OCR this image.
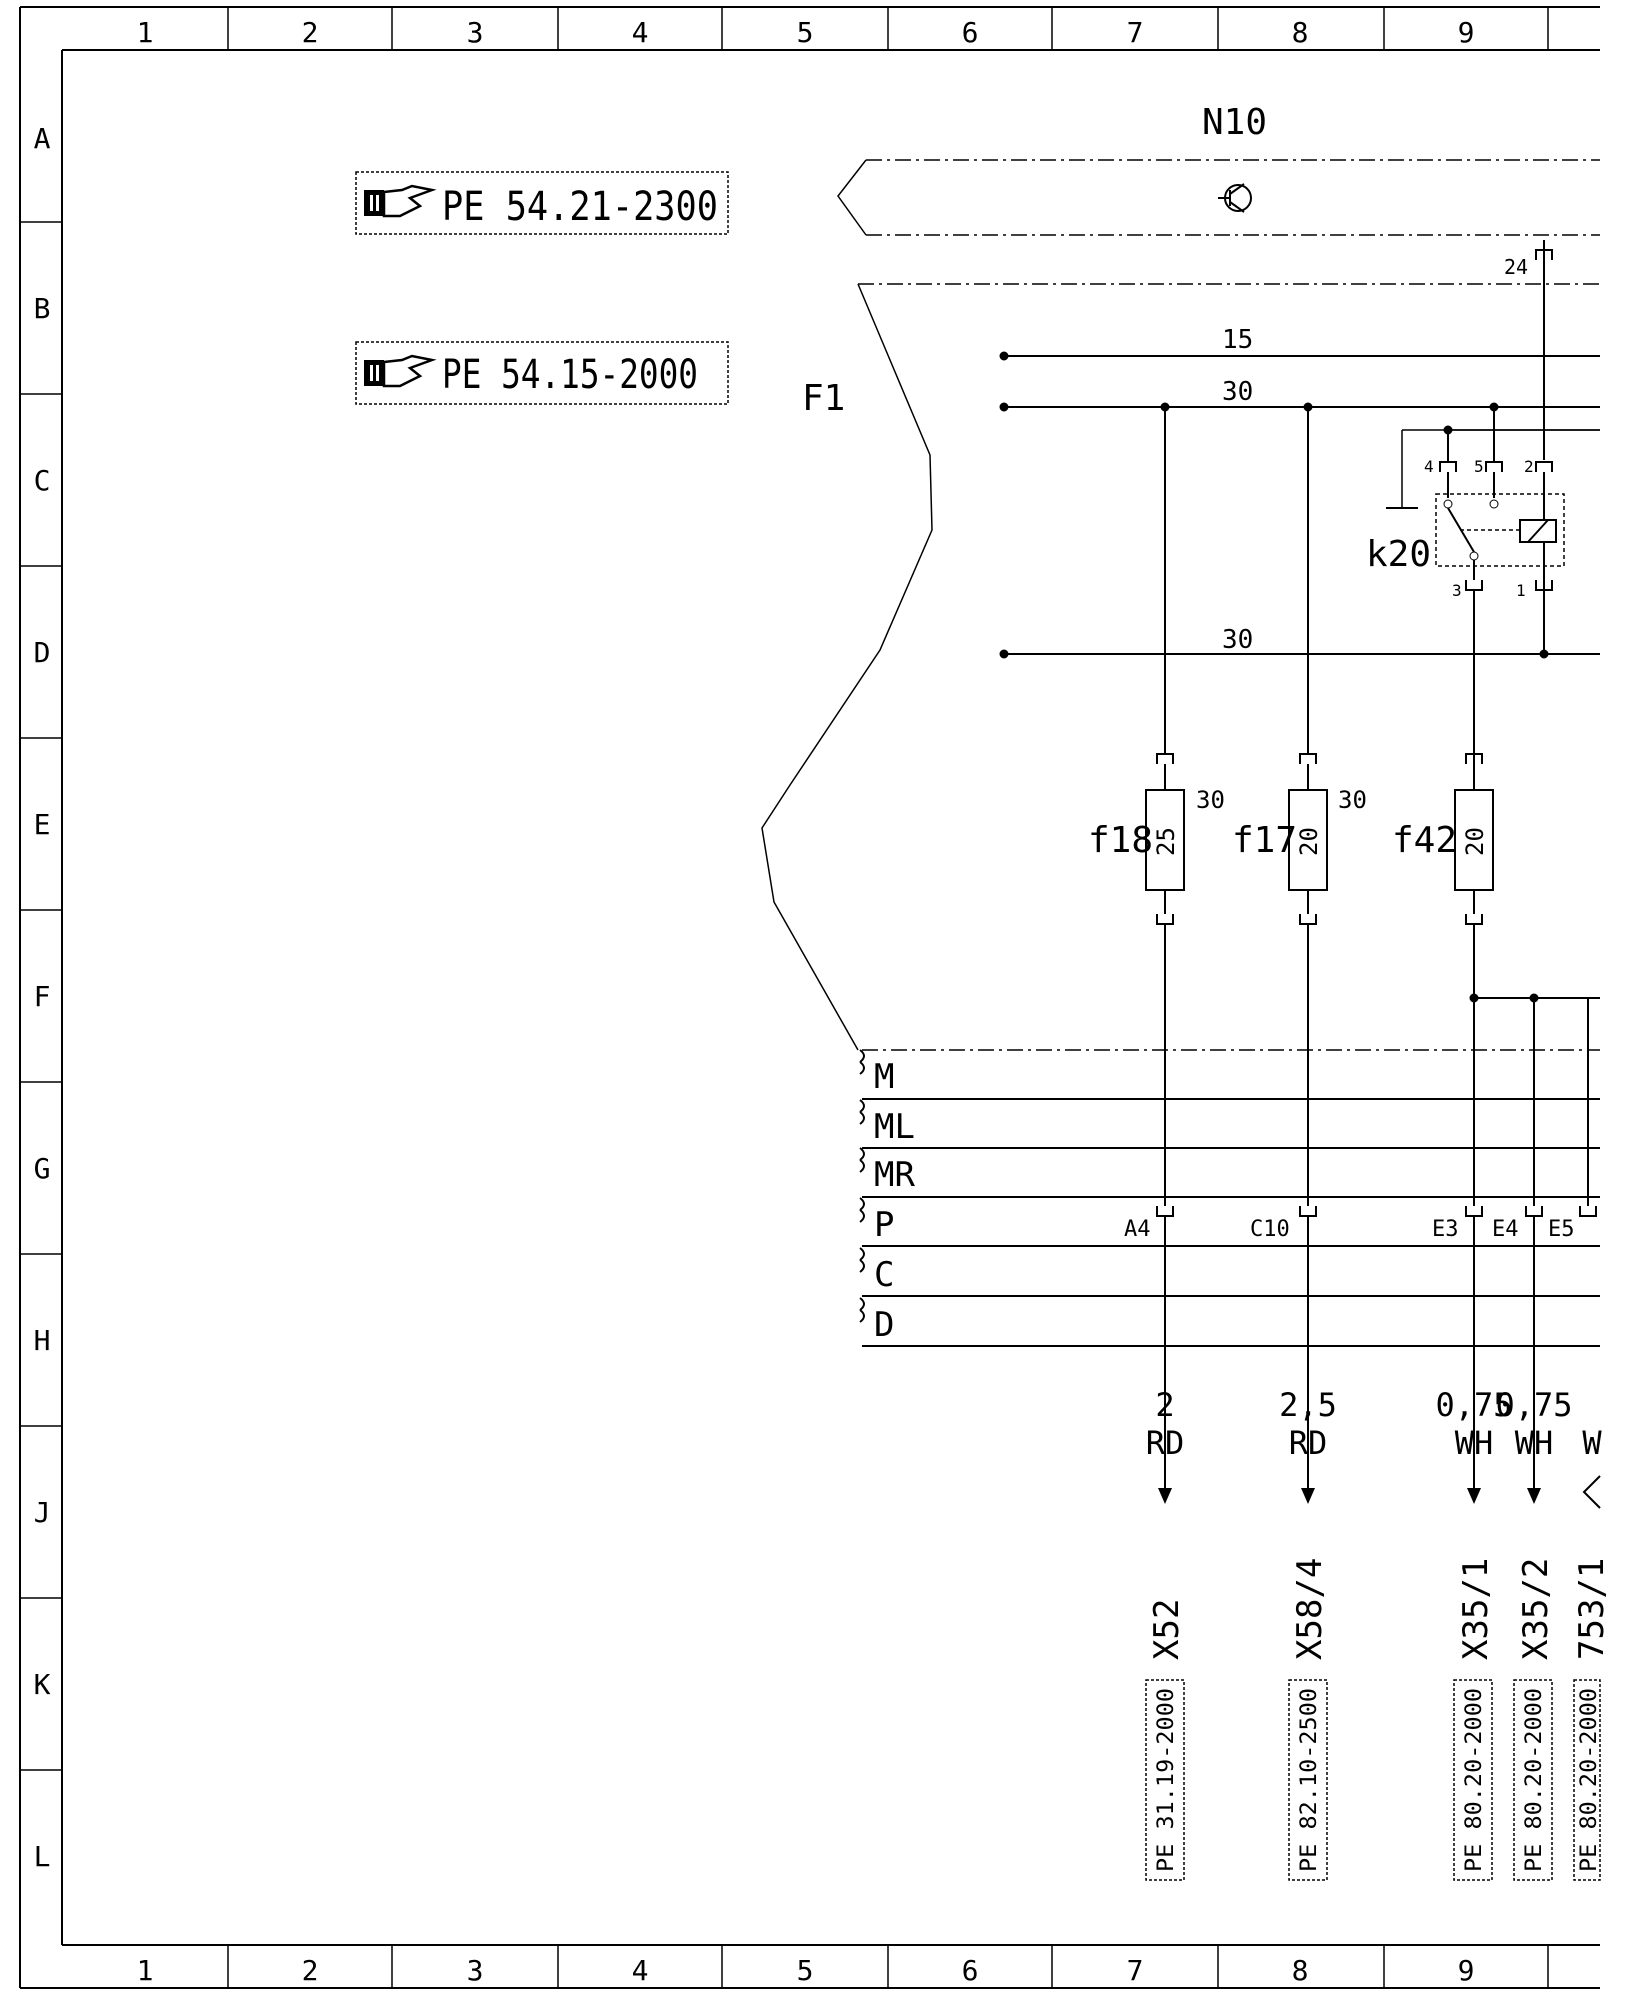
1	2	3	4	5	6	7	8	9
1	2	3	4	5	6	7	8	9
A
B
C
D
E
F
G
H
J
K
L
PE 54.21-2300
PE 54.15-2000
N10
F1
15
30
30
k20
4	5	2
3	1
24
f18
25
30
f17
20
30
f42 20
M
ML
MR
P
C
D
A4	C10	E3 E4 E5
2
RD
2,5
RD
0,75
WH
0,75
WH W
X52	X58/4	X35/1 X35/2 753/1
PE 31.19-2000	PE 82.10-2500	PE 80.20-2000 PE 80.20-2000 PE 80.20-2000
